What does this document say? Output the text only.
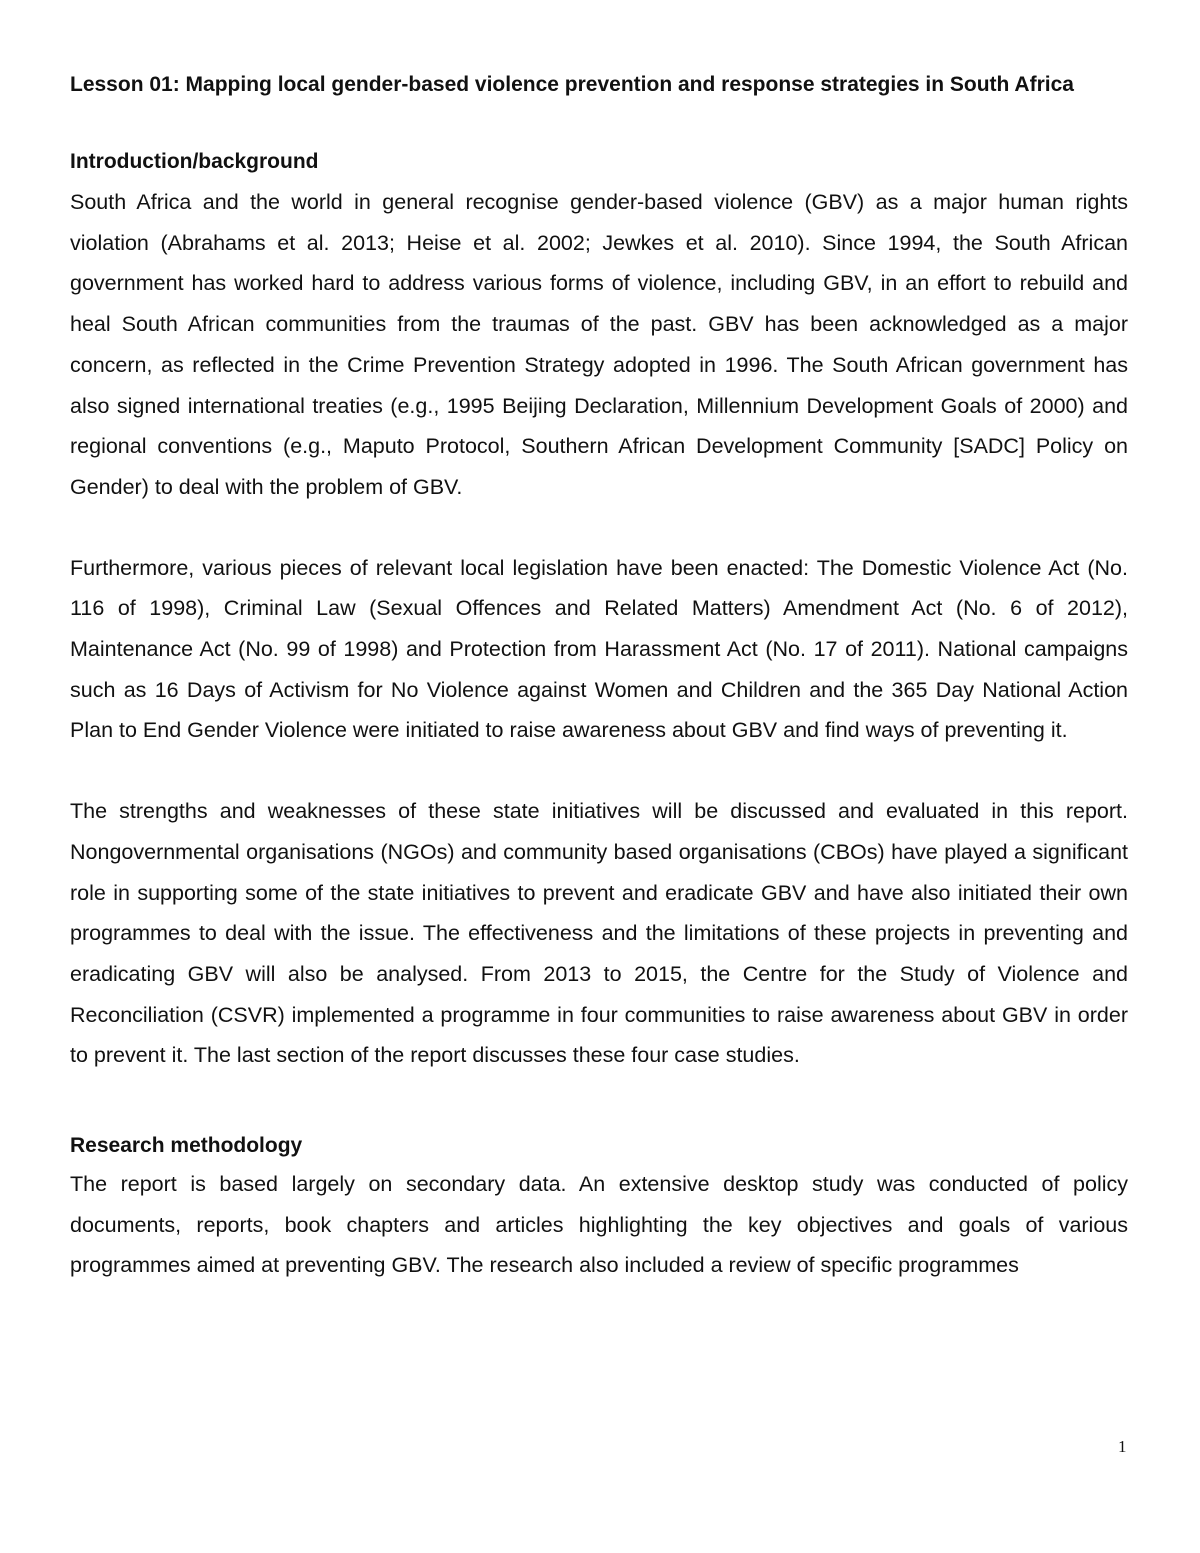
Lesson 01: Mapping local gender-based violence prevention and response strategies in South Africa
Introduction/background

South Africa and the world in general recognise gender-based violence (GBV) as a major human rights violation (Abrahams et al. 2013; Heise et al. 2002; Jewkes et al. 2010). Since 1994, the South African government has worked hard to address various forms of violence, including GBV, in an effort to rebuild and heal South African communities from the traumas of the past. GBV has been acknowledged as a major concern, as reflected in the Crime Prevention Strategy adopted in 1996. The South African government has also signed international treaties (e.g., 1995 Beijing Declaration, Millennium Development Goals of 2000) and regional conventions (e.g., Maputo Protocol, Southern African Development Community [SADC] Policy on Gender) to deal with the problem of GBV.

Furthermore, various pieces of relevant local legislation have been enacted: The Domestic Violence Act (No. 116 of 1998), Criminal Law (Sexual Offences and Related Matters) Amendment Act (No. 6 of 2012), Maintenance Act (No. 99 of 1998) and Protection from Harassment Act (No. 17 of 2011). National campaigns such as 16 Days of Activism for No Violence against Women and Children and the 365 Day National Action Plan to End Gender Violence were initiated to raise awareness about GBV and find ways of preventing it.

The strengths and weaknesses of these state initiatives will be discussed and evaluated in this report. Nongovernmental organisations (NGOs) and community based organisations (CBOs) have played a significant role in supporting some of the state initiatives to prevent and eradicate GBV and have also initiated their own programmes to deal with the issue. The effectiveness and the limitations of these projects in preventing and eradicating GBV will also be analysed. From 2013 to 2015, the Centre for the Study of Violence and Reconciliation (CSVR) implemented a programme in four communities to raise awareness about GBV in order to prevent it. The last section of the report discusses these four case studies.

Research methodology

The report is based largely on secondary data. An extensive desktop study was conducted of policy documents, reports, book chapters and articles highlighting the key objectives and goals of various programmes aimed at preventing GBV. The research also included a review of specific programmes

1
